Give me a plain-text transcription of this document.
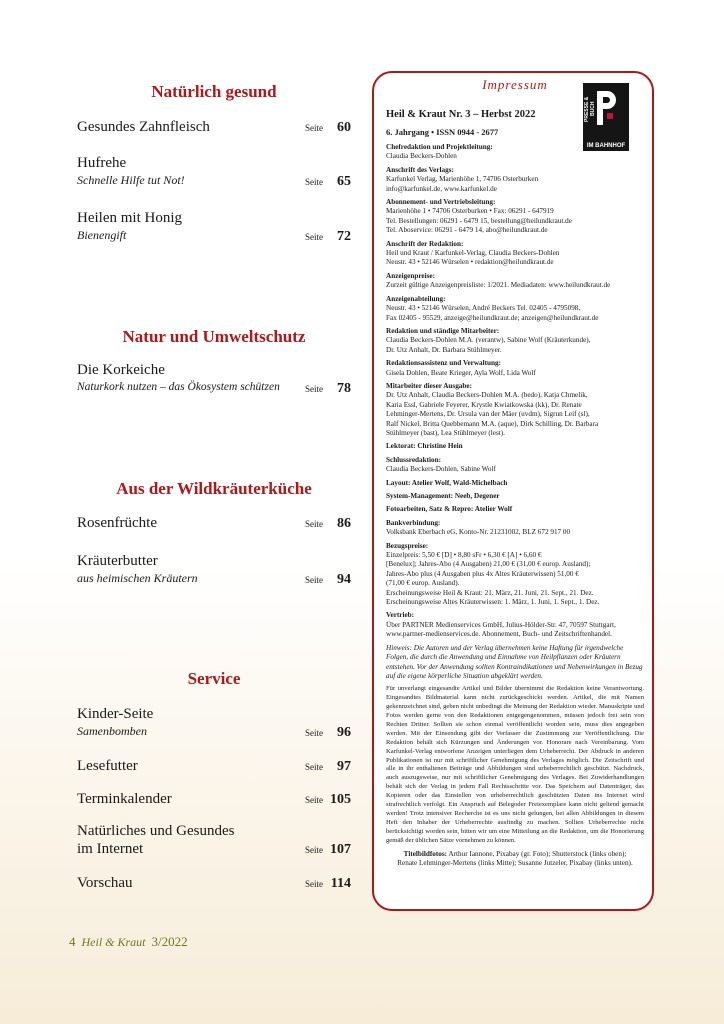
Natürlich gesund
Gesundes Zahnfleisch	Seite	60
Hufrehe
Schnelle Hilfe tut Not!	Seite	65
Heilen mit Honig
Bienengift	Seite	72
Natur und Umweltschutz
Die Korkeiche
Naturkork nutzen – das Ökosystem schützen	Seite	78
Aus der Wildkräuterküche
Rosenfrüchte	Seite	86
Kräuterbutter
aus heimischen Kräutern	Seite	94
Service
Kinder-Seite
Samenbomben	Seite	96
Lesefutter	Seite	97
Terminkalender	Seite 105
Natürliches und Gesundes
im Internet	Seite 107
Vorschau	Seite 114
Impressum
PRESSE & BUCH
IM BAHNHOF
Heil & Kraut Nr. 3 – Herbst 2022
6. Jahrgang • ISSN 0944 - 2677
Chefredaktion und Projektleitung:
Claudia Beckers-Dohlen
Anschrift des Verlags:
Karfunkel Verlag, Marienhöhe 1, 74706 Osterburken
info@karfunkel.de, www.karfunkel.de
Abonnement- und Vertriebsleitung:
Marienhöhe 1 • 74706 Osterburken • Fax: 06291 - 647919
Tel. Bestellungen: 06291 - 6479 15, bestellung@heilundkraut.de
Tel. Aboservice: 06291 - 6479 14, abo@heilundkraut.de
Anschrift der Redaktion:
Heil und Kraut / Karfunkel-Verlag, Claudia Beckers-Dohlen
Neustr. 43 • 52146 Würselen • redaktion@heilundkraut.de
Anzeigenpreise:
Zurzeit gültige Anzeigenpreisliste: 1/2021. Mediadaten: www.heilundkraut.de
Anzeigenabteilung:
Neustr. 43 • 52146 Würselen, André Beckers Tel. 02405 - 4795098,
Fax 02405 - 95529, anzeige@heilundkraut.de; anzeigen@heilundkraut.de
Redaktion und ständige Mitarbeiter:
Claudia Beckers-Dohlen M.A. (verantw), Sabine Wolf (Kräuterkunde),
Dr. Utz Anhalt, Dr. Barbara Stühlmeyer.
Redaktionsassistenz und Verwaltung:
Gisela Dohlen, Beate Krieger, Ayla Wolf, Lida Wolf
Mitarbeiter dieser Ausgabe:
Dr. Utz Anhalt, Claudia Beckers-Dohlen M.A. (bedo), Katja Chmelik,
Karia Essl, Gabriele Feyerer, Krystle Kwiatkowska (kk), Dr. Renate
Lehminger-Mertens, Dr. Ursula van der Mäer (uvdm), Sigrun Leif (sl),
Ralf Nickel, Britta Quebbemann M.A. (aque), Dirk Schilling, Dr. Barbara
Stühlmeyer (bast), Lea Stühlmeyer (lest).
Lektorat: Christine Hein
Schlussredaktion:
Claudia Beckers-Dohlen, Sabine Wolf
Layout: Atelier Wolf, Wald-Michelbach
System-Management: Neeb, Degener
Fotoarbeiten, Satz & Repro: Atelier Wolf
Bankverbindung:
Volksbank Eberbach eG, Konto-Nr. 21231002, BLZ 672 917 00
Bezugspreise:
Einzelpreis: 5,50 € [D] • 8,80 sFr • 6,30 € [A] • 6,60 €
[Benelux]; Jahres-Abo (4 Ausgaben) 21,00 € (31,00 € europ. Ausland);
Jahres-Abo plus (4 Ausgaben plus 4x Altes Kräuterwissen) 51,00 €
(71,00 € europ. Ausland).
Erscheinungsweise Heil & Kraut: 21. März, 21. Juni, 21. Sept., 21. Dez.
Erscheinungsweise Altes Kräuterwissen: 1. März, 1. Juni, 1. Sept., 1. Dez.
Vertrieb:
Über PARTNER Medienservices GmbH, Julius-Hölder-Str. 47, 70597 Stuttgart,
www.partner-medienservices.de. Abonnement, Buch- und Zeitschriftenhandel.
Hinweis: Die Autoren und der Verlag übernehmen keine Haftung für irgendwelche Folgen, die durch die Anwendung und Einnahme von Heilpflanzen oder Kräutern entstehen. Vor der Anwendung sollten Kontraindikationen und Nebenwirkungen in Bezug auf die eigene körperliche Situation abgeklärt werden.
Für unverlangt eingesandte Artikel und Bilder übernimmt die Redaktion keine Verantwortung. Eingesandtes Bildmaterial kann nicht zurückgeschickt werden. Artikel, die mit Namen gekennzeichnet sind, geben nicht unbedingt die Meinung der Redaktion wieder. Manuskripte und Fotos werden gerne von den Redaktionen entgegengenommen, müssen jedoch frei sein von Rechten Dritter. Sollten sie schon einmal veröffentlicht worden sein, muss dies angegeben werden. Mit der Einsendung gibt der Verfasser die Zustimmung zur Veröffentlichung. Die Redaktion behält sich Kürzungen und Änderungen vor. Honorare nach Vereinbarung. Vom Karfunkel-Verlag entworfene Anzeigen unterliegen dem Urheberrecht. Der Abdruck in anderen Publikationen ist nur mit schriftlicher Genehmigung des Verlages möglich. Die Zeitschrift und alle in ihr enthaltenen Beiträge und Abbildungen sind urheberrechtlich geschützt. Nachdruck, auch auszugsweise, nur mit schriftlicher Genehmigung des Verlages. Bei Zuwiderhandlungen behält sich der Verlag in jedem Fall Rechtsschritte vor. Das Speichern auf Datenträger, das Kopieren oder das Einstellen von urheberrechtlich geschützten Daten ins Internet wird strafrechtlich verfolgt. Ein Anspruch auf Belegoder Freiexemplare kann nicht geltend gemacht werden! Trotz intensiver Recherche ist es uns nicht gelungen, bei allen Abbildungen in diesem Heft den Inhaber der Urheberrechte ausfindig zu machen. Sollten Urheberrechte nicht berücksichtigt worden sein, bitten wir um eine Mitteilung an die Redaktion, um die Honorierung gemäß der üblichen Sätze vornehmen zu können.
Titelbildfotos: Arthur Iannone, Pixabay (gr. Foto); Shutterstock (links oben);
Renate Lehminger-Mertens (links Mitte); Susanne Jutzeler, Pixabay (links unten).
4 Heil & Kraut 3/2022
